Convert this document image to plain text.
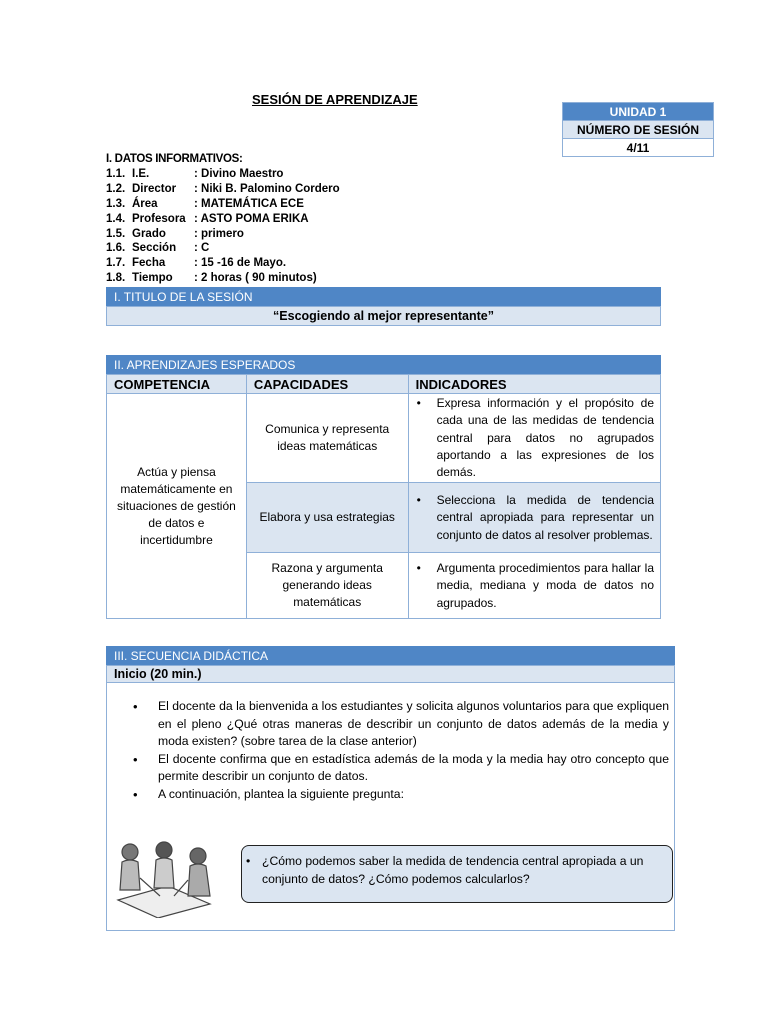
SESIÓN DE APRENDIZAJE
UNIDAD 1
NÚMERO DE SESIÓN
4/11
I. DATOS INFORMATIVOS:
1.1. I.E.	: Divino Maestro
1.2. Director	: Niki B. Palomino Cordero
1.3. Área	: MATEMÁTICA ECE
1.4. Profesora : ASTO POMA ERIKA
1.5. Grado	: primero
1.6. Sección	: C
1.7. Fecha	: 15 -16 de Mayo.
1.8. Tiempo	: 2 horas ( 90 minutos)
I. TITULO DE LA SESIÓN
“Escogiendo al mejor representante”
II. APRENDIZAJES ESPERADOS
COMPETENCIA	CAPACIDADES	INDICADORES
Actúa y piensa matemáticamente en situaciones de gestión de datos e incertidumbre	Comunica y representa ideas matemáticas	• Expresa información y el propósito de cada una de las medidas de tendencia central para datos no agrupados aportando a las expresiones de los demás.

	Elabora y usa estrategias	• Selecciona la medida de tendencia central apropiada para representar un conjunto de datos al resolver problemas.

	Razona y argumenta generando ideas matemáticas	• Argumenta procedimientos para hallar la media, mediana y moda de datos no agrupados.
III. SECUENCIA DIDÁCTICA
Inicio (20 min.)
•	El docente da la bienvenida a los estudiantes y solicita algunos voluntarios para que expliquen en el pleno ¿Qué otras maneras de describir un conjunto de datos además de la media y moda existen? (sobre tarea de la clase anterior)
•	El docente confirma que en estadística además de la moda y la media hay otro concepto que permite describir un conjunto de datos.
•	A continuación, plantea la siguiente pregunta:
• ¿Cómo podemos saber la medida de tendencia central apropiada a un conjunto de datos? ¿Cómo podemos calcularlos?
